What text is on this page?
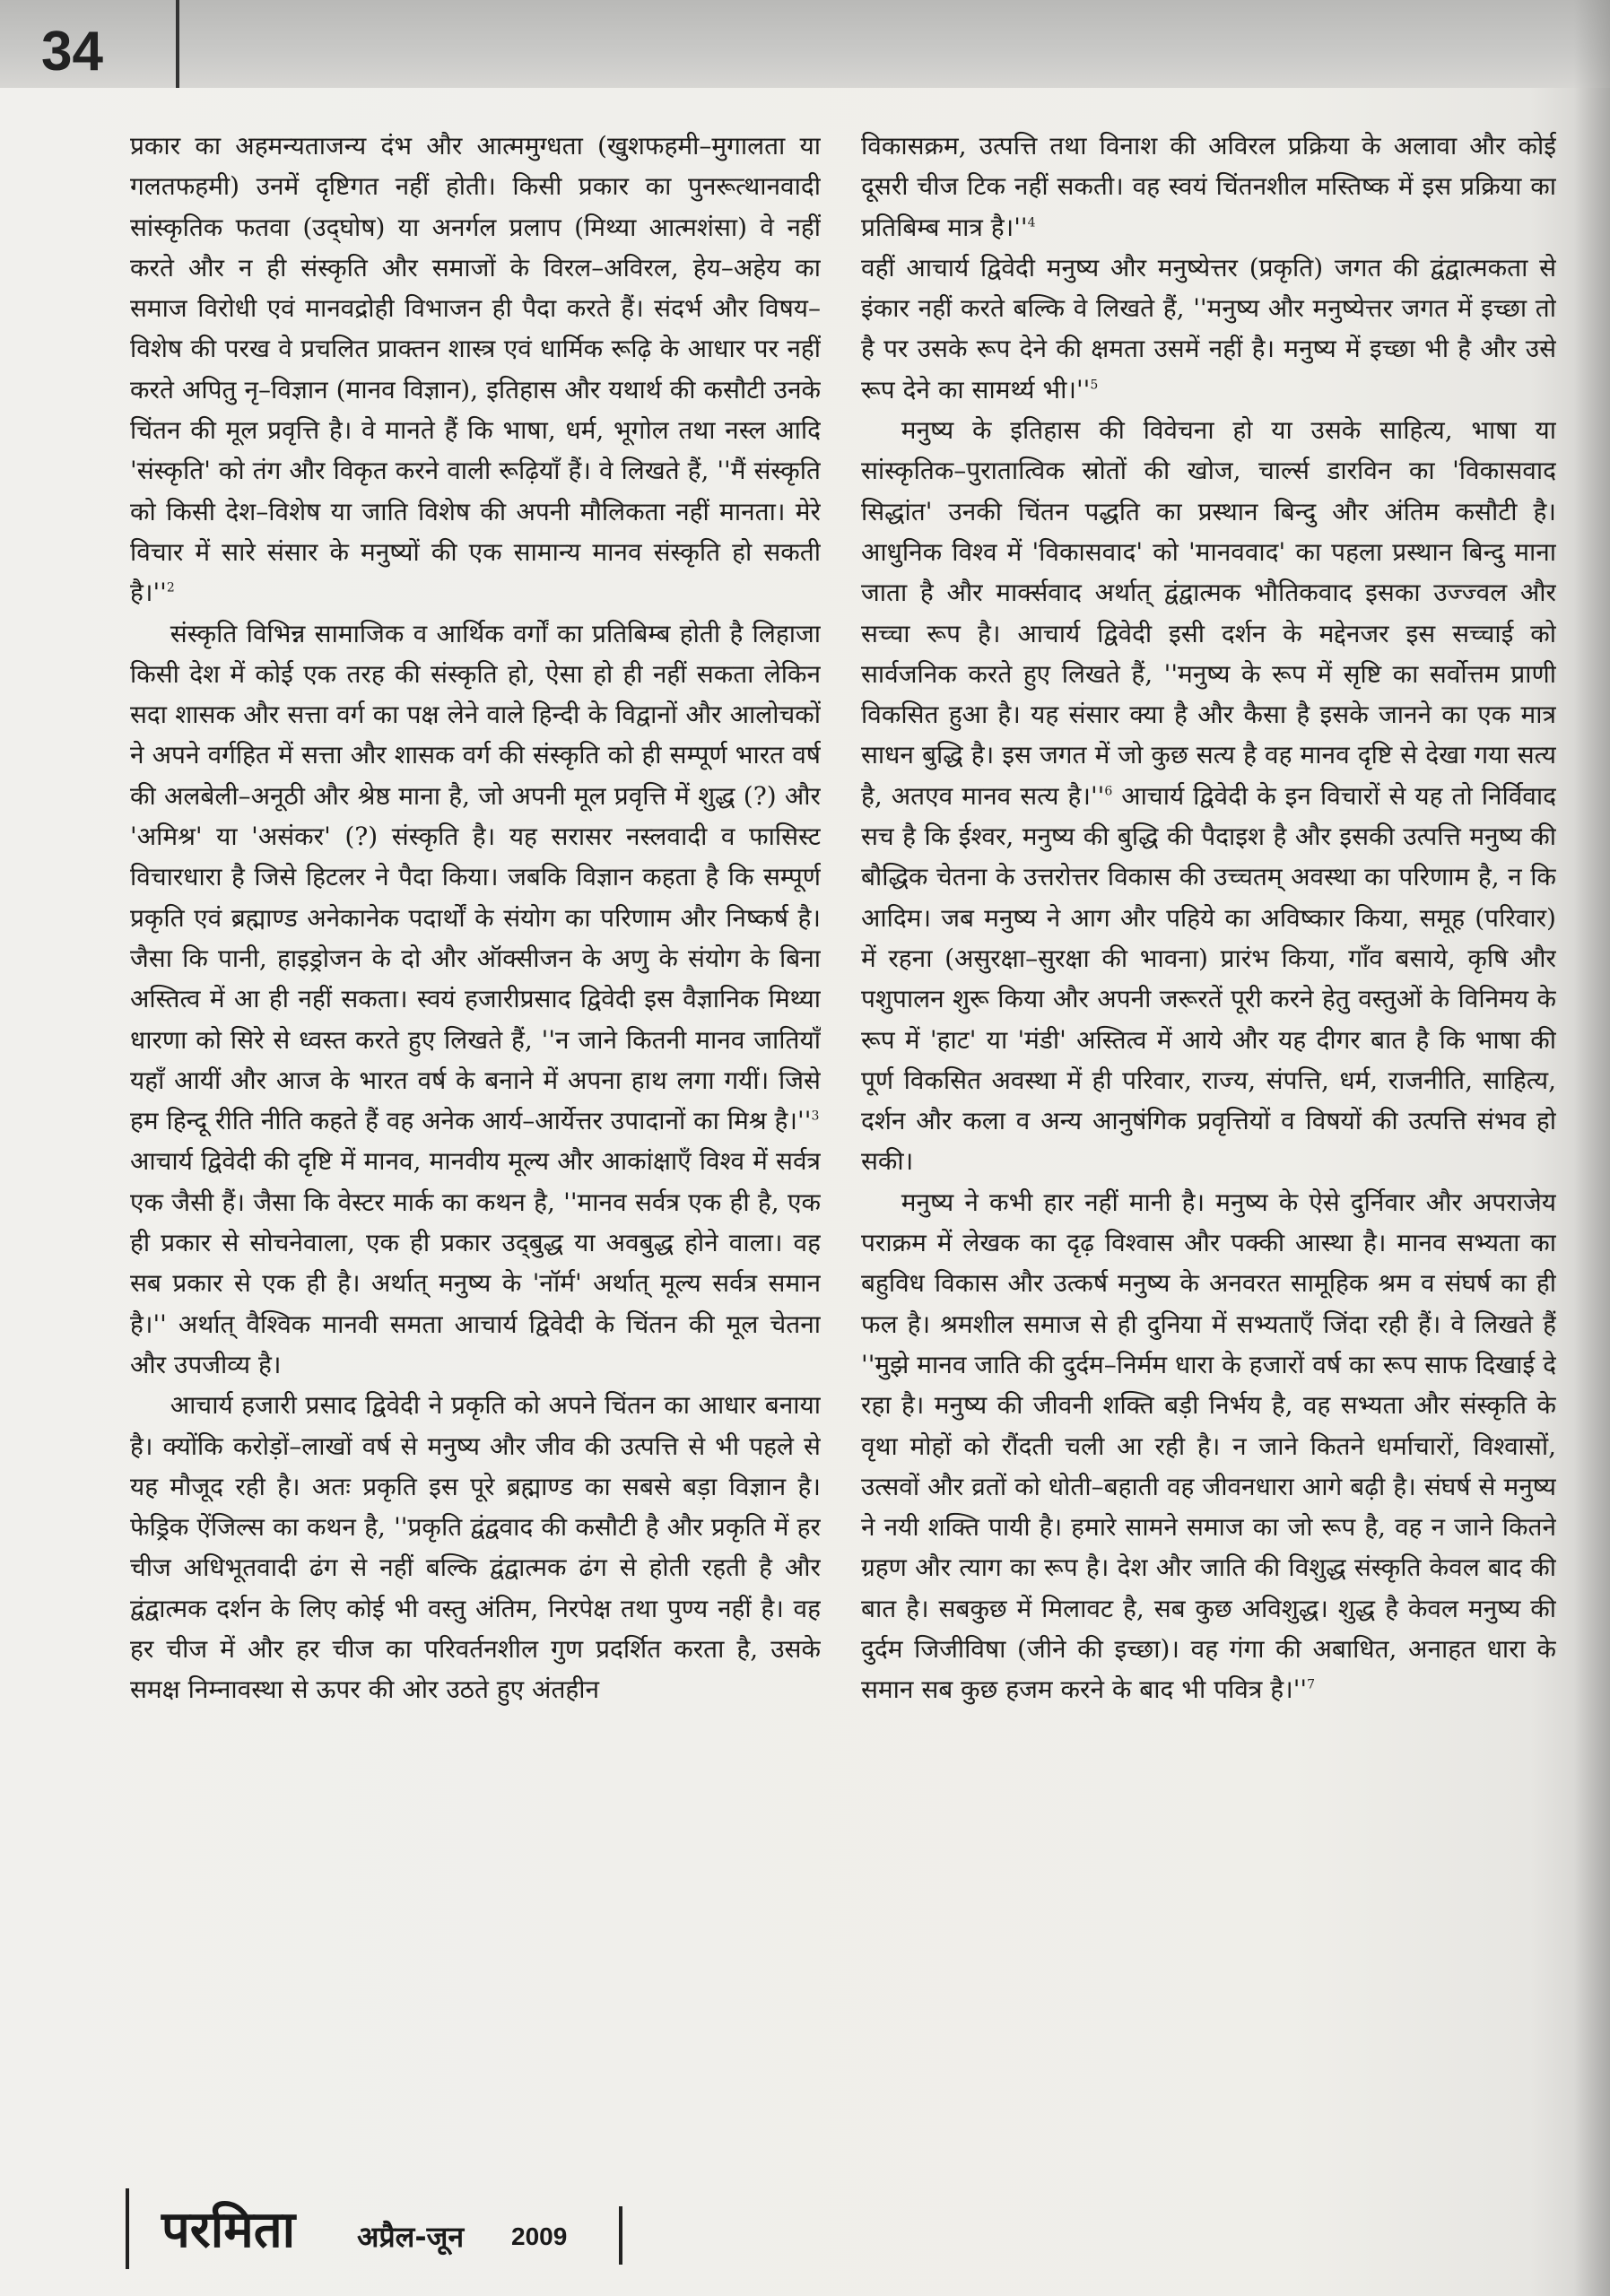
34

प्रकार का अहमन्यताजन्य दंभ और आत्ममुग्धता (खुशफहमी–मुगालता या गलतफहमी) उनमें दृष्टिगत नहीं होती। किसी प्रकार का पुनरूत्थानवादी सांस्कृतिक फतवा (उद्‌घोष) या अनर्गल प्रलाप (मिथ्या आत्मशंसा) वे नहीं करते और न ही संस्कृति और समाजों के विरल–अविरल, हेय–अहेय का समाज विरोधी एवं मानवद्रोही विभाजन ही पैदा करते हैं। संदर्भ और विषय–विशेष की परख वे प्रचलित प्राक्तन शास्त्र एवं धार्मिक रूढ़ि के आधार पर नहीं करते अपितु नृ–विज्ञान (मानव विज्ञान), इतिहास और यथार्थ की कसौटी उनके चिंतन की मूल प्रवृत्ति है। वे मानते हैं कि भाषा, धर्म, भूगोल तथा नस्ल आदि 'संस्कृति' को तंग और विकृत करने वाली रूढ़ियाँ हैं। वे लिखते हैं, ''मैं संस्कृति को किसी देश–विशेष या जाति विशेष की अपनी मौलिकता नहीं मानता। मेरे विचार में सारे संसार के मनुष्यों की एक सामान्य मानव संस्कृति हो सकती $है।''^2$

संस्कृति विभिन्न सामाजिक व आर्थिक वर्गों का प्रतिबिम्ब होती है लिहाजा किसी देश में कोई एक तरह की संस्कृति हो, ऐसा हो ही नहीं सकता लेकिन सदा शासक और सत्ता वर्ग का पक्ष लेने वाले हिन्दी के विद्वानों और आलोचकों ने अपने वर्गहित में सत्ता और शासक वर्ग की संस्कृति को ही सम्पूर्ण भारत वर्ष की अलबेली–अनूठी और श्रेष्ठ माना है, जो अपनी मूल प्रवृत्ति में शुद्ध (?) और 'अमिश्र' या 'असंकर' (?) संस्कृति है। यह सरासर नस्लवादी व फासिस्ट विचारधारा है जिसे हिटलर ने पैदा किया। जबकि विज्ञान कहता है कि सम्पूर्ण प्रकृति एवं ब्रह्माण्ड अनेकानेक पदार्थों के संयोग का परिणाम और निष्कर्ष है। जैसा कि पानी, हाइड्रोजन के दो और ऑक्सीजन के अणु के संयोग के बिना अस्तित्व में आ ही नहीं सकता। स्वयं हजारीप्रसाद द्विवेदी इस वैज्ञानिक मिथ्या धारणा को सिरे से ध्वस्त करते हुए लिखते हैं, ''न जाने कितनी मानव जातियाँ यहाँ आयीं और आज के भारत वर्ष के बनाने में अपना हाथ लगा गयीं। जिसे हम हिन्दू रीति नीति कहते हैं वह अनेक आर्य–आर्येत्तर उपादानों का मिश्र $है।''^3$

आचार्य द्विवेदी की दृष्टि में मानव, मानवीय मूल्य और आकांक्षाएँ विश्व में सर्वत्र एक जैसी हैं। जैसा कि वेस्टर मार्क का कथन है, ''मानव सर्वत्र एक ही है, एक ही प्रकार से सोचनेवाला, एक ही प्रकार उद्‌बुद्ध या अवबुद्ध होने वाला। वह सब प्रकार से एक ही है। अर्थात् मनुष्य के 'नॉर्म' अर्थात् मूल्य सर्वत्र समान है।'' अर्थात् वैश्विक मानवी समता आचार्य द्विवेदी के चिंतन की मूल चेतना और उपजीव्य है।

आचार्य हजारी प्रसाद द्विवेदी ने प्रकृति को अपने चिंतन का आधार बनाया है। क्योंकि करोड़ों–लाखों वर्ष से मनुष्य और जीव की उत्पत्ति से भी पहले से यह मौजूद रही है। अतः प्रकृति इस पूरे ब्रह्माण्ड का सबसे बड़ा विज्ञान है। फेड्रिक ऐंजिल्स का कथन है, ''प्रकृति द्वंद्ववाद की कसौटी है और प्रकृति में हर चीज अधिभूतवादी ढंग से नहीं बल्कि द्वंद्वात्मक ढंग से होती रहती है और द्वंद्वात्मक दर्शन के लिए कोई भी वस्तु अंतिम, निरपेक्ष तथा पुण्य नहीं है। वह हर चीज में और हर चीज का परिवर्तनशील गुण प्रदर्शित करता है, उसके समक्ष निम्नावस्था से ऊपर की ओर उठते हुए अंतहीन

विकासक्रम, उत्पत्ति तथा विनाश की अविरल प्रक्रिया के अलावा और कोई दूसरी चीज टिक नहीं सकती। वह स्वयं चिंतनशील मस्तिष्क में इस प्रक्रिया का प्रतिबिम्ब मात्र $है।''^4$

वहीं आचार्य द्विवेदी मनुष्य और मनुष्येत्तर (प्रकृति) जगत की द्वंद्वात्मकता से इंकार नहीं करते बल्कि वे लिखते हैं, ''मनुष्य और मनुष्येत्तर जगत में इच्छा तो है पर उसके रूप देने की क्षमता उसमें नहीं है। मनुष्य में इच्छा भी है और उसे रूप देने का सामर्थ्य $भी।''^5$

मनुष्य के इतिहास की विवेचना हो या उसके साहित्य, भाषा या सांस्कृतिक–पुरातात्विक स्रोतों की खोज, चार्ल्स डारविन का 'विकासवाद सिद्धांत' उनकी चिंतन पद्धति का प्रस्थान बिन्दु और अंतिम कसौटी है। आधुनिक विश्व में 'विकासवाद' को 'मानववाद' का पहला प्रस्थान बिन्दु माना जाता है और मार्क्सवाद अर्थात् द्वंद्वात्मक भौतिकवाद इसका उज्ज्वल और सच्चा रूप है। आचार्य द्विवेदी इसी दर्शन के मद्देनजर इस सच्चाई को सार्वजनिक करते हुए लिखते हैं, ''मनुष्य के रूप में सृष्टि का सर्वोत्तम प्राणी विकसित हुआ है। यह संसार क्या है और कैसा है इसके जानने का एक मात्र साधन बुद्धि है। इस जगत में जो कुछ सत्य है वह मानव दृष्टि से देखा गया सत्य है, अतएव मानव सत्य $है।''^6$ आचार्य द्विवेदी के इन विचारों से यह तो निर्विवाद सच है कि ईश्वर, मनुष्य की बुद्धि की पैदाइश है और इसकी उत्पत्ति मनुष्य की बौद्धिक चेतना के उत्तरोत्तर विकास की उच्चतम् अवस्था का परिणाम है, न कि आदिम। जब मनुष्य ने आग और पहिये का अविष्कार किया, समूह (परिवार) में रहना (असुरक्षा–सुरक्षा की भावना) प्रारंभ किया, गाँव बसाये, कृषि और पशुपालन शुरू किया और अपनी जरूरतें पूरी करने हेतु वस्तुओं के विनिमय के रूप में 'हाट' या 'मंडी' अस्तित्व में आये और यह दीगर बात है कि भाषा की पूर्ण विकसित अवस्था में ही परिवार, राज्य, संपत्ति, धर्म, राजनीति, साहित्य, दर्शन और कला व अन्य आनुषंगिक प्रवृत्तियों व विषयों की उत्पत्ति संभव हो सकी।

मनुष्य ने कभी हार नहीं मानी है। मनुष्य के ऐसे दुर्निवार और अपराजेय पराक्रम में लेखक का दृढ़ विश्वास और पक्की आस्था है। मानव सभ्यता का बहुविध विकास और उत्कर्ष मनुष्य के अनवरत सामूहिक श्रम व संघर्ष का ही फल है। श्रमशील समाज से ही दुनिया में सभ्यताएँ जिंदा रही हैं। वे लिखते हैं ''मुझे मानव जाति की दुर्दम–निर्मम धारा के हजारों वर्ष का रूप साफ दिखाई दे रहा है। मनुष्य की जीवनी शक्ति बड़ी निर्भय है, वह सभ्यता और संस्कृति के वृथा मोहों को रौंदती चली आ रही है। न जाने कितने धर्माचारों, विश्वासों, उत्सवों और व्रतों को धोती–बहाती वह जीवनधारा आगे बढ़ी है। संघर्ष से मनुष्य ने नयी शक्ति पायी है। हमारे सामने समाज का जो रूप है, वह न जाने कितने ग्रहण और त्याग का रूप है। देश और जाति की विशुद्ध संस्कृति केवल बाद की बात है। सबकुछ में मिलावट है, सब कुछ अविशुद्ध। शुद्ध है केवल मनुष्य की दुर्दम जिजीविषा (जीने की इच्छा)। वह गंगा की अबाधित, अनाहत धारा के समान सब कुछ हजम करने के बाद भी पवित्र $है।''^7$

परमिता अप्रैल-जून 2009
